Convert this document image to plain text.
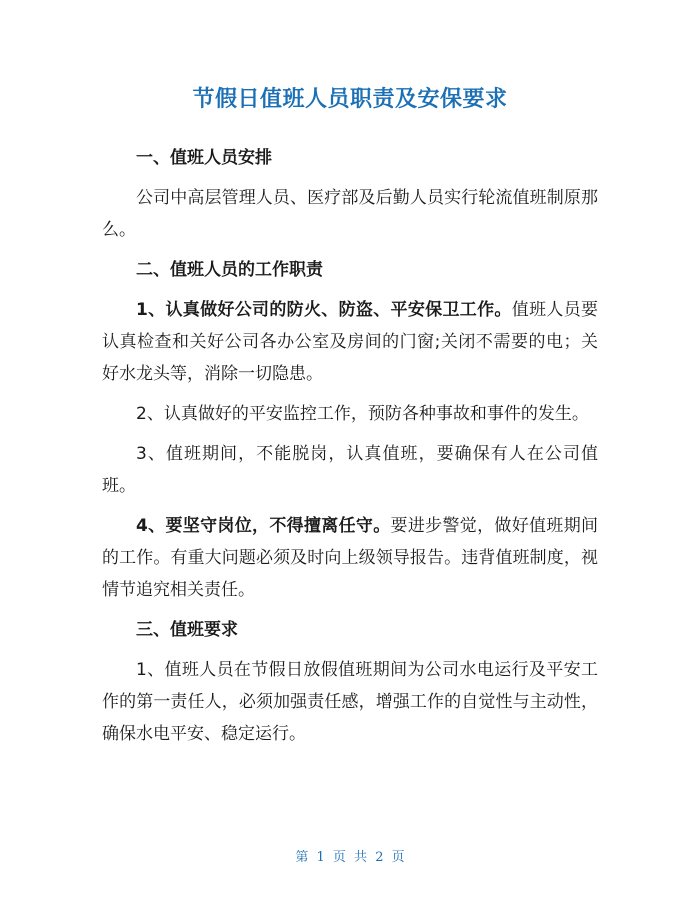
节假日值班人员职责及安保要求

一、值班人员安排

公司中高层管理人员、医疗部及后勤人员实行轮流值班制原那么。

二、值班人员的工作职责

1、认真做好公司的防火、防盗、平安保卫工作。值班人员要认真检查和关好公司各办公室及房间的门窗;关闭不需要的电；关好水龙头等，消除一切隐患。

2、认真做好的平安监控工作，预防各种事故和事件的发生。

3、值班期间，不能脱岗，认真值班，要确保有人在公司值班。

4、要坚守岗位，不得擅离任守。要进步警觉，做好值班期间的工作。有重大问题必须及时向上级领导报告。违背值班制度，视情节追究相关责任。

三、值班要求

1、值班人员在节假日放假值班期间为公司水电运行及平安工作的第一责任人，必须加强责任感，增强工作的自觉性与主动性，确保水电平安、稳定运行。

第 1 页 共 2 页
